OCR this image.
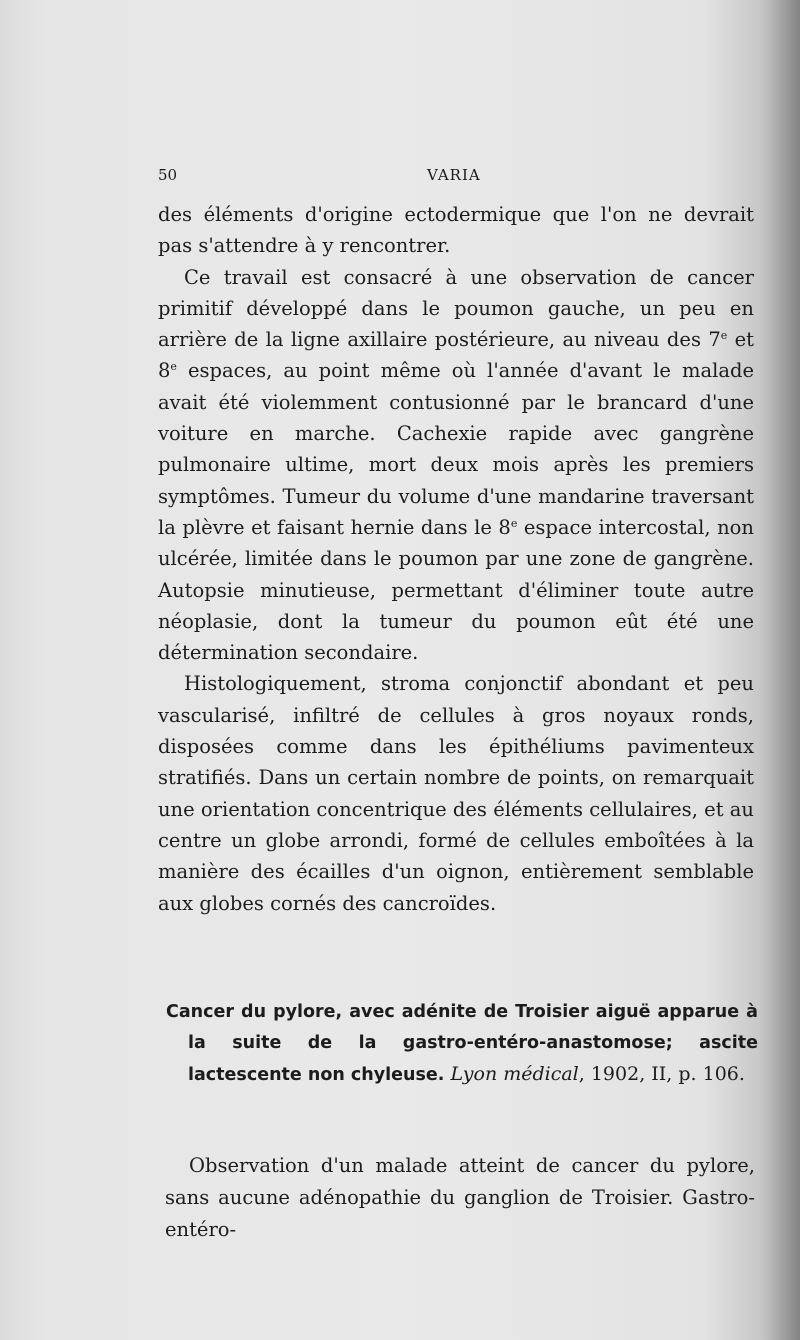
50	VARIA

des éléments d'origine ectodermique que l'on ne devrait pas s'attendre à y rencontrer.

Ce travail est consacré à une observation de cancer primitif développé dans le poumon gauche, un peu en arrière de la ligne axillaire postérieure, au niveau des 7e et 8e espaces, au point même où l'année d'avant le malade avait été violemment contusionné par le brancard d'une voiture en marche. Cachexie rapide avec gangrène pulmonaire ultime, mort deux mois après les premiers symptômes. Tumeur du volume d'une mandarine traversant la plèvre et faisant hernie dans le 8e espace intercostal, non ulcérée, limitée dans le poumon par une zone de gangrène. Autopsie minutieuse, permettant d'éliminer toute autre néoplasie, dont la tumeur du poumon eût été une détermination secondaire.

Histologiquement, stroma conjonctif abondant et peu vascularisé, infiltré de cellules à gros noyaux ronds, disposées comme dans les épithéliums pavimenteux stratifiés. Dans un certain nombre de points, on remarquait une orientation concentrique des éléments cellulaires, et au centre un globe arrondi, formé de cellules emboîtées à la manière des écailles d'un oignon, entièrement semblable aux globes cornés des cancroïdes.

Cancer du pylore, avec adénite de Troisier aiguë apparue à la suite de la gastro-entéro-anastomose; ascite lactescente non chyleuse. Lyon médical, 1902, II, p. 106.

Observation d'un malade atteint de cancer du pylore, sans aucune adénopathie du ganglion de Troisier. Gastro-entéro-
